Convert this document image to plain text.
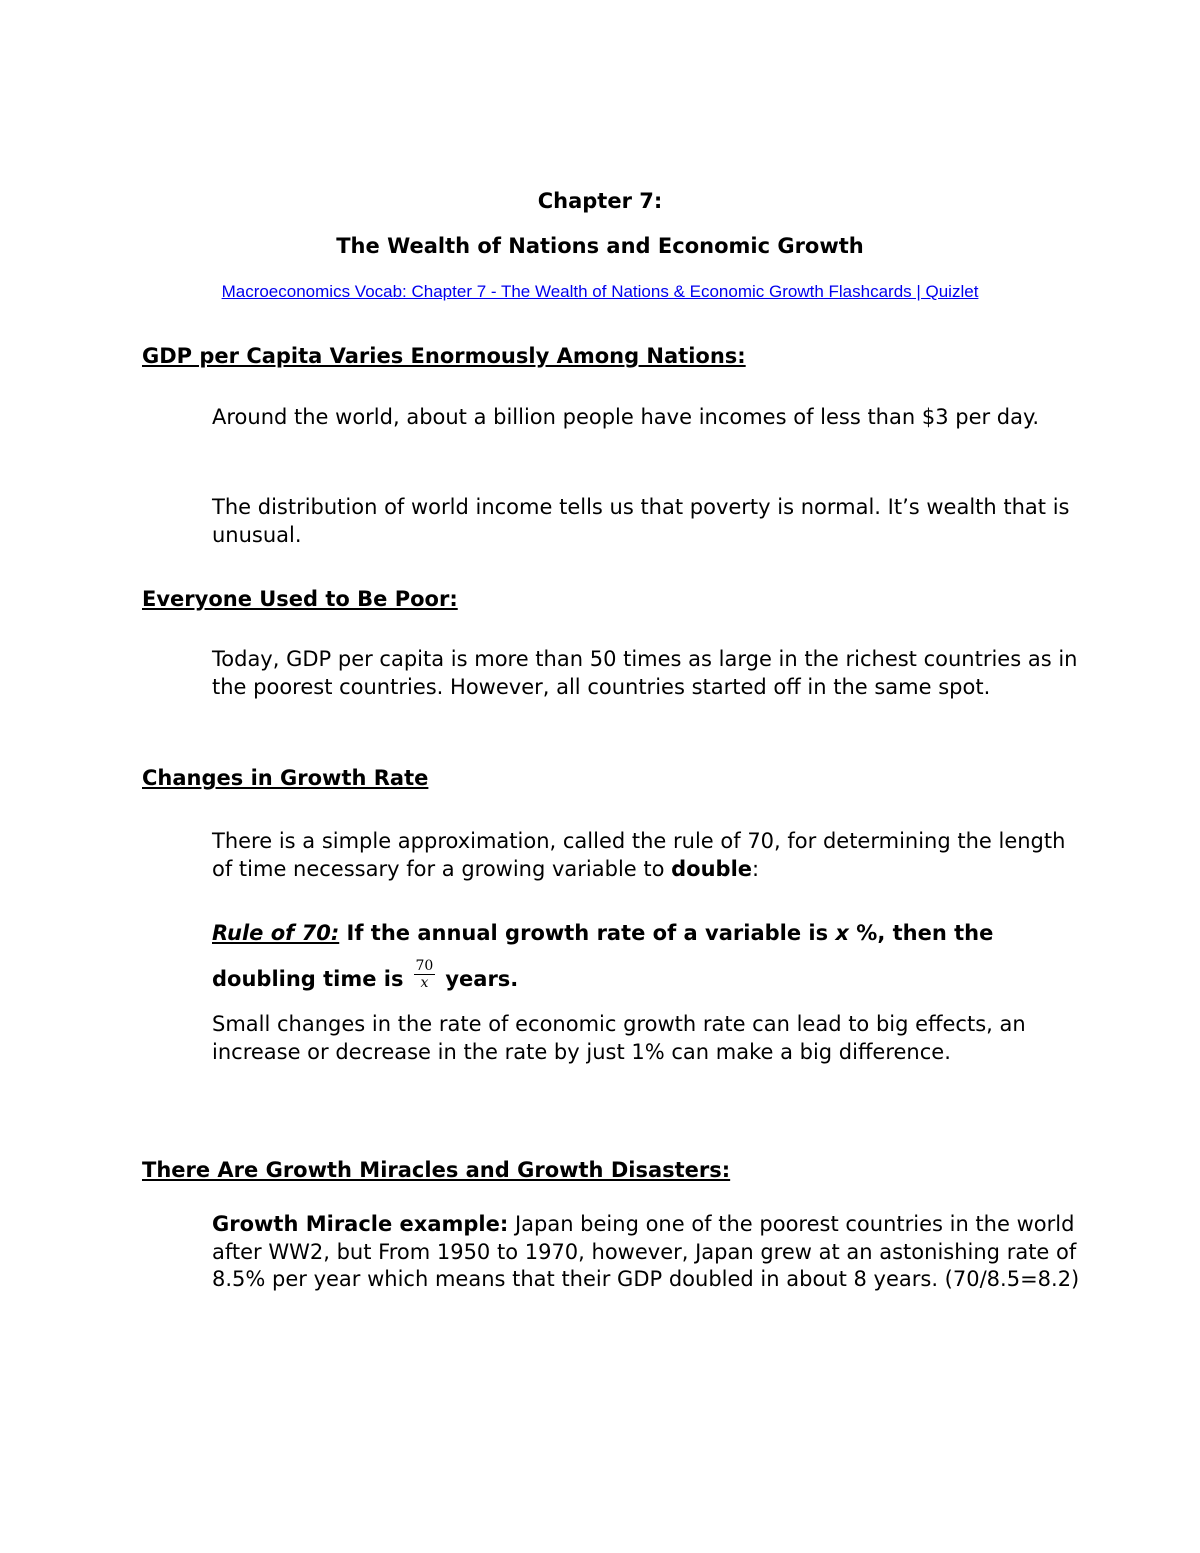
Chapter 7:
The Wealth of Nations and Economic Growth
Macroeconomics Vocab: Chapter 7 - The Wealth of Nations & Economic Growth Flashcards | Quizlet
GDP per Capita Varies Enormously Among Nations:
Around the world, about a billion people have incomes of less than $3 per day.
The distribution of world income tells us that poverty is normal. It’s wealth that is unusual.
Everyone Used to Be Poor:
Today, GDP per capita is more than 50 times as large in the richest countries as in the poorest countries. However, all countries started off in the same spot.
Changes in Growth Rate
There is a simple approximation, called the rule of 70, for determining the length of time necessary for a growing variable to double:
Rule of 70: If the annual growth rate of a variable is x %, then the doubling time is $\frac{70}{x}$ years.
Small changes in the rate of economic growth rate can lead to big effects, an increase or decrease in the rate by just 1% can make a big difference.
There Are Growth Miracles and Growth Disasters:
Growth Miracle example: Japan being one of the poorest countries in the world after WW2, but From 1950 to 1970, however, Japan grew at an astonishing rate of 8.5% per year which means that their GDP doubled in about 8 years. (70/8.5=8.2)
